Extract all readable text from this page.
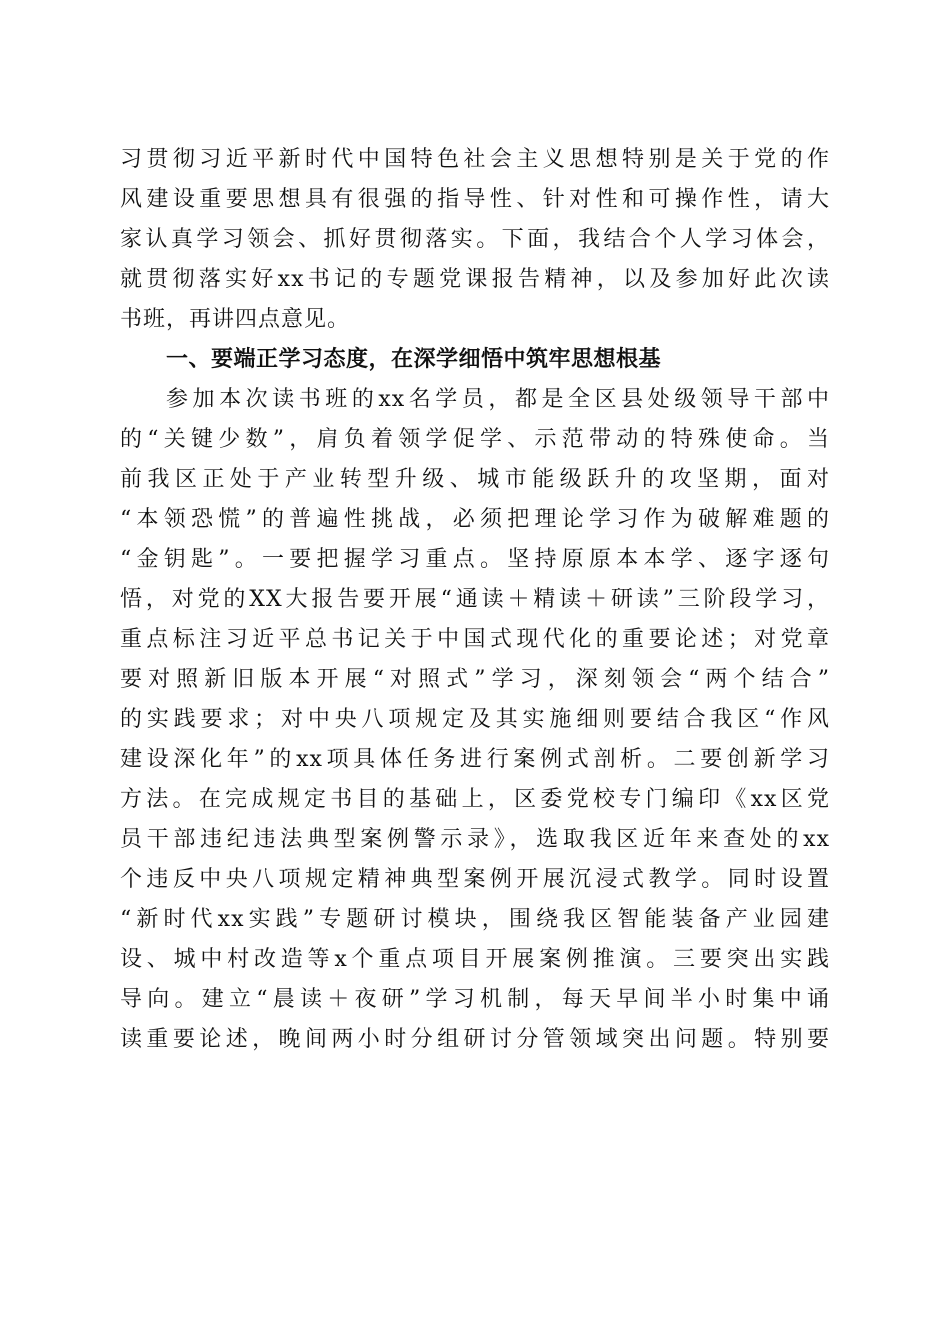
习贯彻习近平新时代中国特色社会主义思想特别是关于党的作
风建设重要思想具有很强的指导性、针对性和可操作性，请大
家认真学习领会、抓好贯彻落实。下面，我结合个人学习体会，
就贯彻落实好xx书记的专题党课报告精神，以及参加好此次读
书班，再讲四点意见。
一、要端正学习态度，在深学细悟中筑牢思想根基
参加本次读书班的xx名学员，都是全区县处级领导干部中
的“关键少数”，肩负着领学促学、示范带动的特殊使命。当
前我区正处于产业转型升级、城市能级跃升的攻坚期，面对
“本领恐慌”的普遍性挑战，必须把理论学习作为破解难题的
“金钥匙”。一要把握学习重点。坚持原原本本学、逐字逐句
悟，对党的XX大报告要开展“通读＋精读＋研读”三阶段学习，
重点标注习近平总书记关于中国式现代化的重要论述；对党章
要对照新旧版本开展“对照式”学习，深刻领会“两个结合”
的实践要求；对中央八项规定及其实施细则要结合我区“作风
建设深化年”的xx项具体任务进行案例式剖析。二要创新学习
方法。在完成规定书目的基础上，区委党校专门编印《xx区党
员干部违纪违法典型案例警示录》，选取我区近年来查处的xx
个违反中央八项规定精神典型案例开展沉浸式教学。同时设置
“新时代xx实践”专题研讨模块，围绕我区智能装备产业园建
设、城中村改造等x个重点项目开展案例推演。三要突出实践
导向。建立“晨读＋夜研”学习机制，每天早间半小时集中诵
读重要论述，晚间两小时分组研讨分管领域突出问题。特别要
